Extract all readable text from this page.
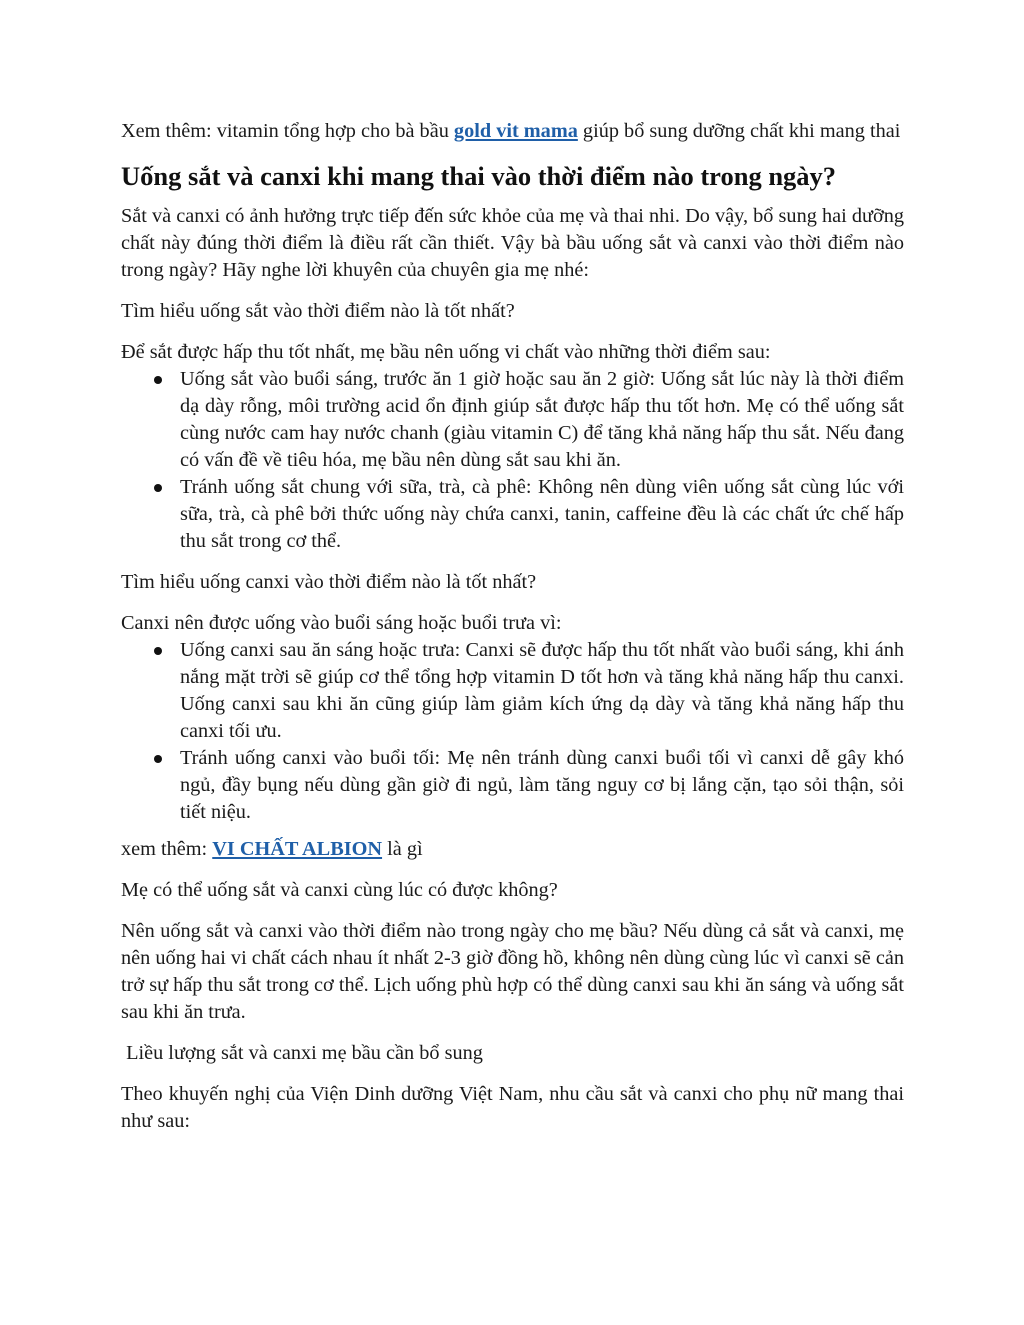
Xem thêm: vitamin tổng hợp cho bà bầu gold vit mama giúp bổ sung dưỡng chất khi mang thai

Uống sắt và canxi khi mang thai vào thời điểm nào trong ngày?

Sắt và canxi có ảnh hưởng trực tiếp đến sức khỏe của mẹ và thai nhi. Do vậy, bổ sung hai dưỡng chất này đúng thời điểm là điều rất cần thiết. Vậy bà bầu uống sắt và canxi vào thời điểm nào trong ngày? Hãy nghe lời khuyên của chuyên gia mẹ nhé:

Tìm hiểu uống sắt vào thời điểm nào là tốt nhất?

Để sắt được hấp thu tốt nhất, mẹ bầu nên uống vi chất vào những thời điểm sau:

Uống sắt vào buổi sáng, trước ăn 1 giờ hoặc sau ăn 2 giờ: Uống sắt lúc này là thời điểm dạ dày rỗng, môi trường acid ổn định giúp sắt được hấp thu tốt hơn. Mẹ có thể uống sắt cùng nước cam hay nước chanh (giàu vitamin C) để tăng khả năng hấp thu sắt. Nếu đang có vấn đề về tiêu hóa, mẹ bầu nên dùng sắt sau khi ăn.
Tránh uống sắt chung với sữa, trà, cà phê: Không nên dùng viên uống sắt cùng lúc với sữa, trà, cà phê bởi thức uống này chứa canxi, tanin, caffeine đều là các chất ức chế hấp thu sắt trong cơ thể.

Tìm hiểu uống canxi vào thời điểm nào là tốt nhất?

Canxi nên được uống vào buổi sáng hoặc buổi trưa vì:

Uống canxi sau ăn sáng hoặc trưa: Canxi sẽ được hấp thu tốt nhất vào buổi sáng, khi ánh nắng mặt trời sẽ giúp cơ thể tổng hợp vitamin D tốt hơn và tăng khả năng hấp thu canxi. Uống canxi sau khi ăn cũng giúp làm giảm kích ứng dạ dày và tăng khả năng hấp thu canxi tối ưu.
Tránh uống canxi vào buổi tối: Mẹ nên tránh dùng canxi buổi tối vì canxi dễ gây khó ngủ, đầy bụng nếu dùng gần giờ đi ngủ, làm tăng nguy cơ bị lắng cặn, tạo sỏi thận, sỏi tiết niệu.

xem thêm: VI CHẤT ALBION là gì

Mẹ có thể uống sắt và canxi cùng lúc có được không?

Nên uống sắt và canxi vào thời điểm nào trong ngày cho mẹ bầu? Nếu dùng cả sắt và canxi, mẹ nên uống hai vi chất cách nhau ít nhất 2-3 giờ đồng hồ, không nên dùng cùng lúc vì canxi sẽ cản trở sự hấp thu sắt trong cơ thể. Lịch uống phù hợp có thể dùng canxi sau khi ăn sáng và uống sắt sau khi ăn trưa.

Liều lượng sắt và canxi mẹ bầu cần bổ sung

Theo khuyến nghị của Viện Dinh dưỡng Việt Nam, nhu cầu sắt và canxi cho phụ nữ mang thai như sau:
